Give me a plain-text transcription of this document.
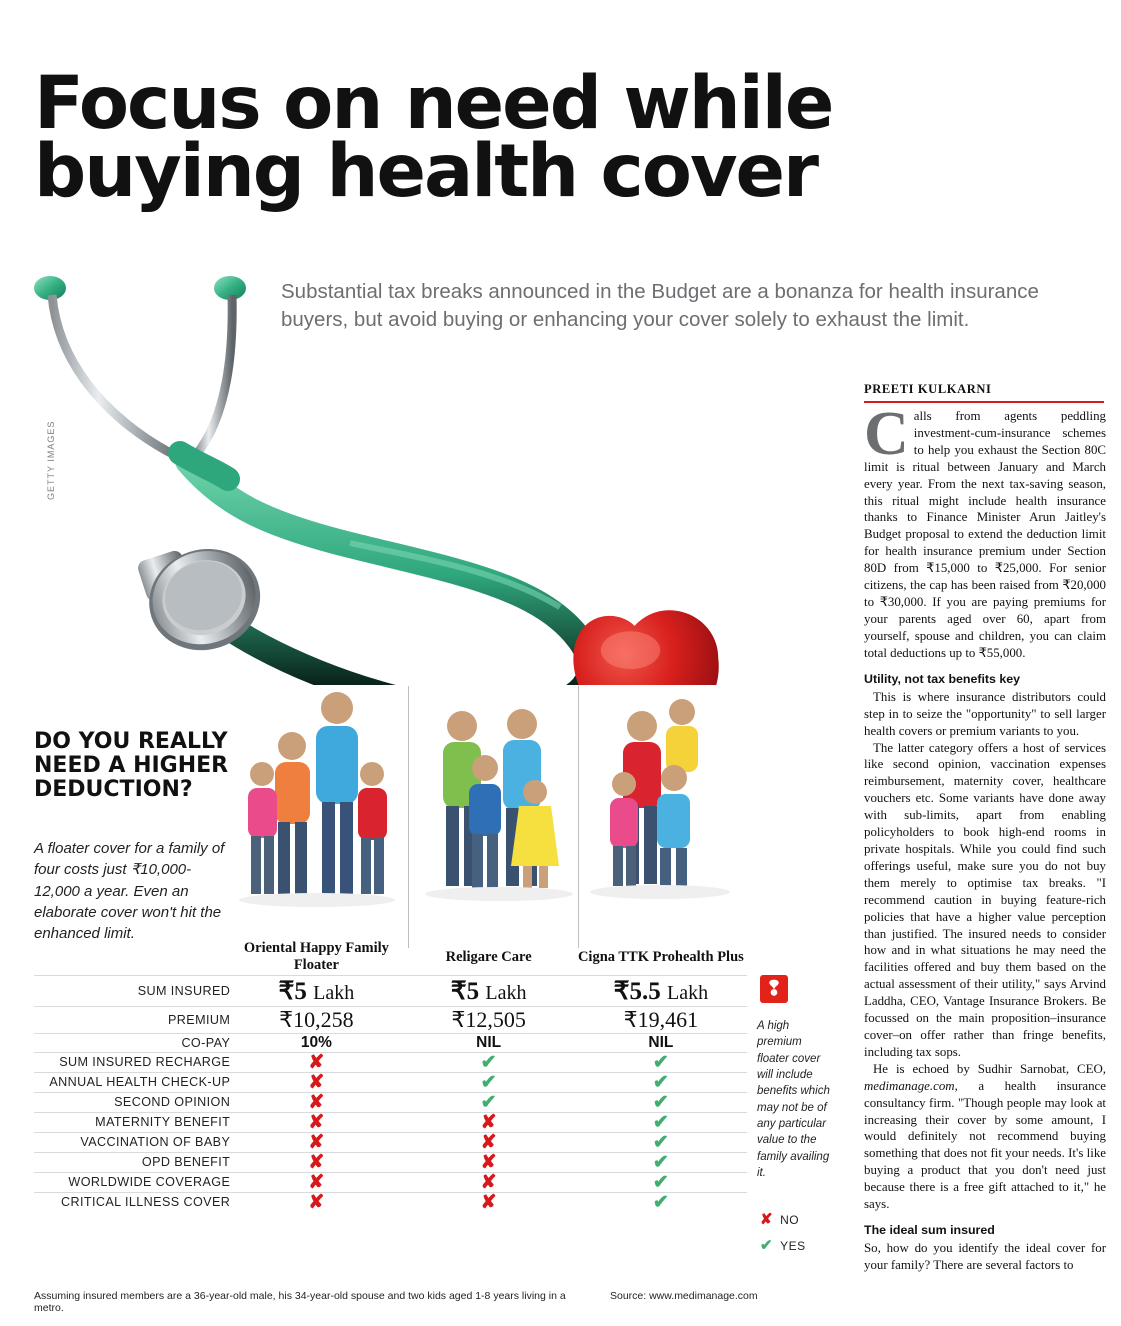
Focus on need while buying health cover
Substantial tax breaks announced in the Budget are a bonanza for health insurance buyers, but avoid buying or enhancing your cover solely to exhaust the limit.
GETTY IMAGES
DO YOU REALLY NEED A HIGHER DEDUCTION?
A floater cover for a family of four costs just ₹10,000-12,000 a year. Even an elaborate cover won't hit the enhanced limit.
	Oriental Happy Family Floater	Religare Care	Cigna TTK Prohealth Plus
SUM INSURED	₹5 Lakh	₹5 Lakh	₹5.5 Lakh
PREMIUM	₹10,258	₹12,505	₹19,461
CO-PAY	10%	NIL	NIL
SUM INSURED RECHARGE	✘	✔	✔
ANNUAL HEALTH CHECK-UP	✘	✔	✔
SECOND OPINION	✘	✔	✔
MATERNITY BENEFIT	✘	✘	✔
VACCINATION OF BABY	✘	✘	✔
OPD BENEFIT	✘	✘	✔
WORLDWIDE COVERAGE	✘	✘	✔
CRITICAL ILLNESS COVER	✘	✘	✔
Assuming insured members are a 36-year-old male, his 34-year-old spouse and two kids aged 1-8 years living in a metro.
Source: www.medimanage.com
❢
A high premium floater cover will include benefits which may not be of any particular value to the family availing it.
✘ NO
✔ YES
PREETI KULKARNI

Calls from agents peddling investment-cum-insurance schemes to help you exhaust the Section 80C limit is ritual between January and March every year. From the next tax-saving season, this ritual might include health insurance thanks to Finance Minister Arun Jaitley's Budget proposal to extend the deduction limit for health insurance premium under Section 80D from ₹15,000 to ₹25,000. For senior citizens, the cap has been raised from ₹20,000 to ₹30,000. If you are paying premiums for your parents aged over 60, apart from yourself, spouse and children, you can claim total deductions up to ₹55,000.

Utility, not tax benefits key

This is where insurance distributors could step in to seize the "opportunity" to sell larger health covers or premium variants to you.

The latter category offers a host of services like second opinion, vaccination expenses reimbursement, maternity cover, healthcare vouchers etc. Some variants have done away with sub-limits, apart from enabling policyholders to book high-end rooms in private hospitals. While you could find such offerings useful, make sure you do not buy them merely to optimise tax breaks. "I recommend caution in buying feature-rich policies that have a higher value perception than justified. The insured needs to consider how and in what situations he may need the facilities offered and buy them based on the actual assessment of their utility," says Arvind Laddha, CEO, Vantage Insurance Brokers. Be focussed on the main proposition–insurance cover–on offer rather than fringe benefits, including tax sops.

He is echoed by Sudhir Sarnobat, CEO, medimanage.com, a health insurance consultancy firm. "Though people may look at increasing their cover by some amount, I would definitely not recommend buying something that does not fit your needs. It's like buying a product that you don't need just because there is a free gift attached to it," he says.

The ideal sum insured

So, how do you identify the ideal cover for your family? There are several factors to
